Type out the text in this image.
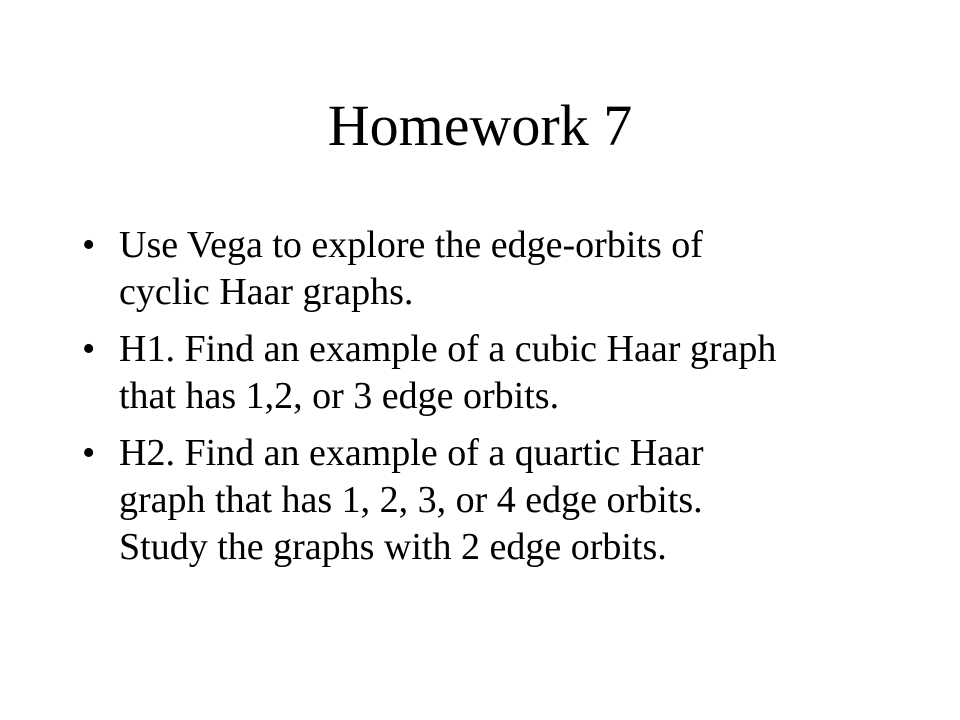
Homework 7
• Use Vega to explore the edge-orbits of
cyclic Haar graphs.
• H1. Find an example of a cubic Haar graph
that has 1,2, or 3 edge orbits.
• H2. Find an example of a quartic Haar
graph that has 1, 2, 3, or 4 edge orbits.
Study the graphs with 2 edge orbits.
